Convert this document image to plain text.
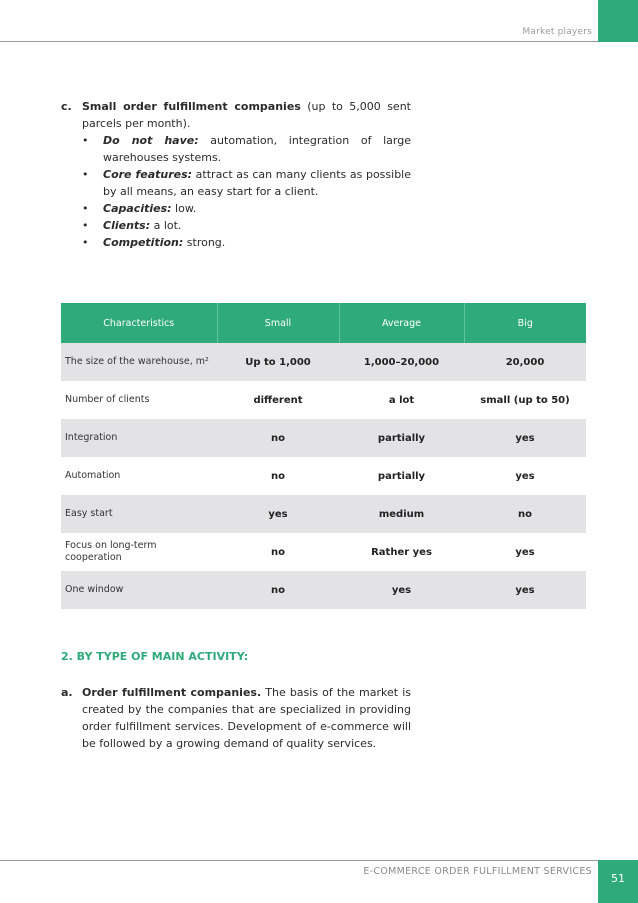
Market players
c. Small order fulfillment companies (up to 5,000 sent parcels per month).
• Do not have: automation, integration of large warehouses systems.
• Core features: attract as can many clients as possible by all means, an easy start for a client.
• Capacities: low.
• Clients: a lot.
• Competition: strong.
Characteristics	Small	Average	Big
The size of the warehouse, m²	Up to 1,000	1,000–20,000	20,000
Number of clients	different	a lot	small (up to 50)
Integration	no	partially	yes
Automation	no	partially	yes
Easy start	yes	medium	no
Focus on long-term cooperation	no	Rather yes	yes
One window	no	yes	yes
2. BY TYPE OF MAIN ACTIVITY:
a. Order fulfillment companies. The basis of the market is created by the companies that are specialized in providing order fulfillment services. Development of e-commerce will be followed by a growing demand of quality services.
E-COMMERCE ORDER FULFILLMENT SERVICES
51
